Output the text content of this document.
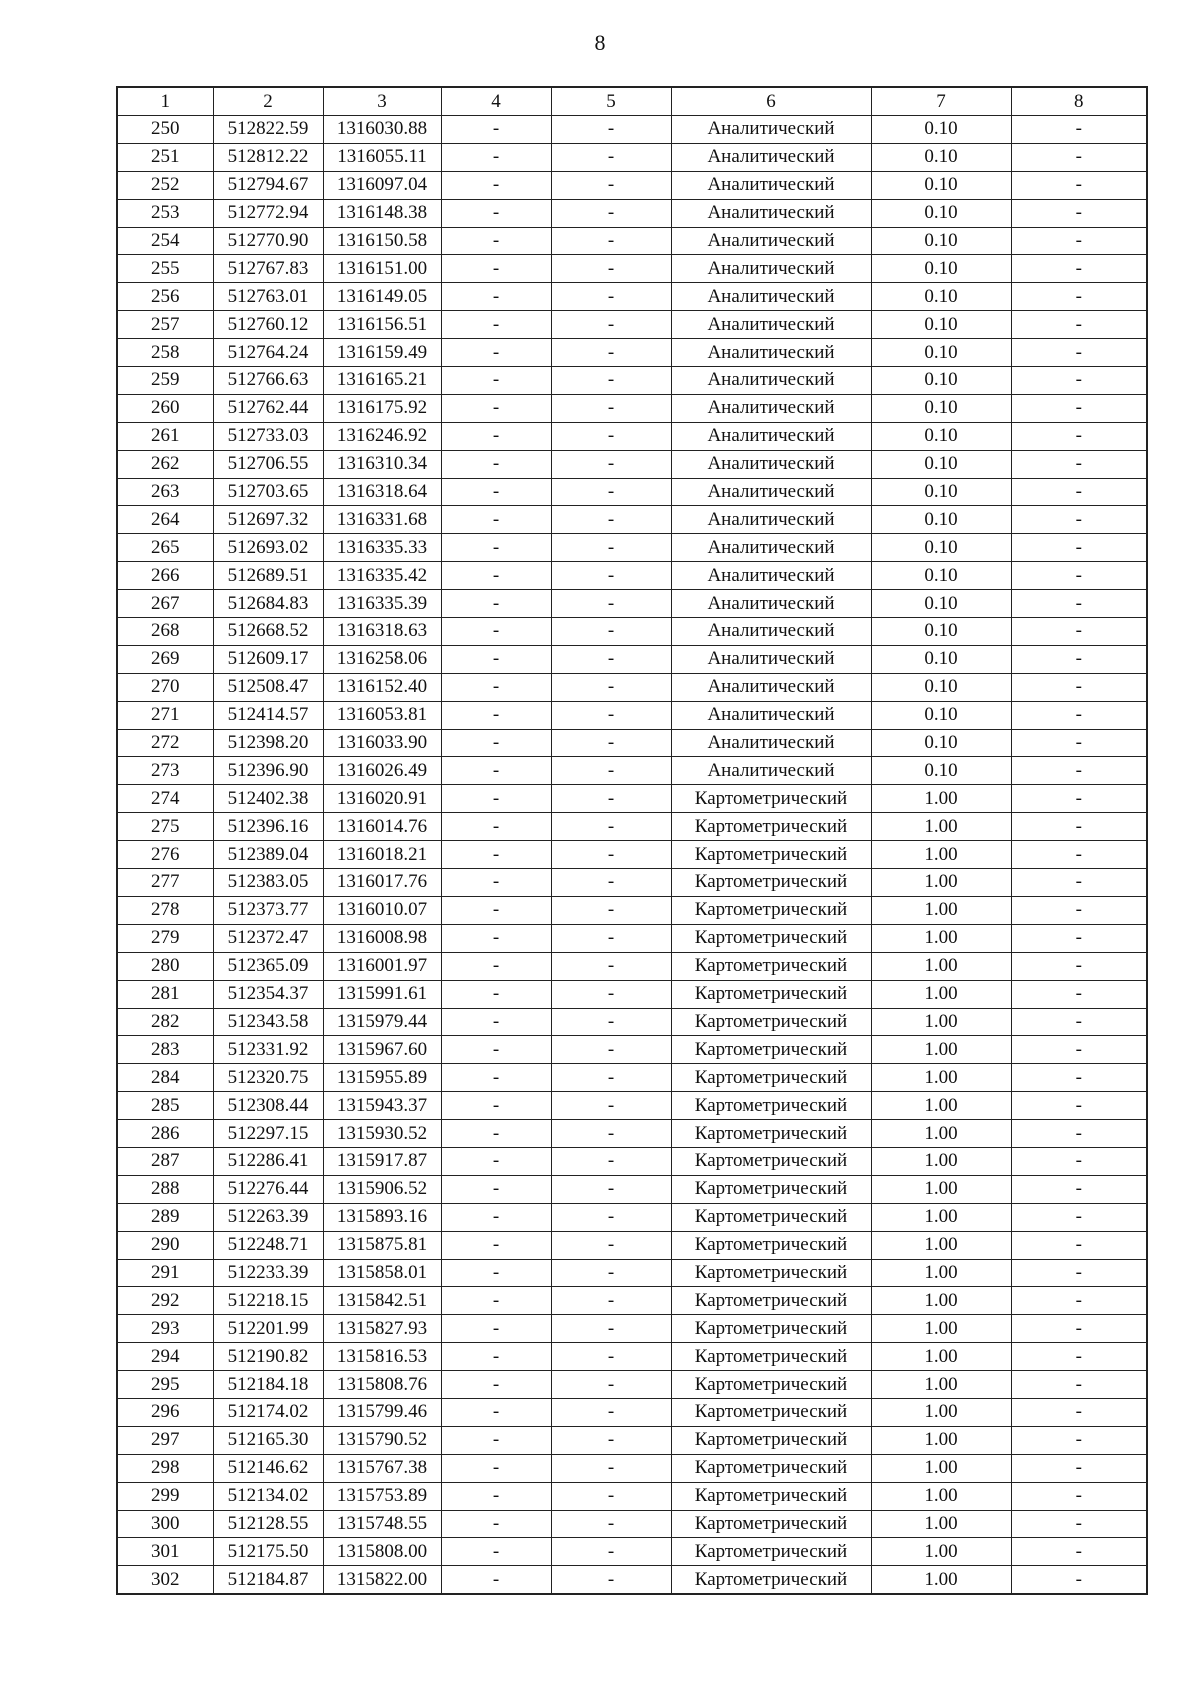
8
1	2	3	4	5	6	7	8
250	512822.59	1316030.88	-	-	Аналитический	0.10	-
251	512812.22	1316055.11	-	-	Аналитический	0.10	-
252	512794.67	1316097.04	-	-	Аналитический	0.10	-
253	512772.94	1316148.38	-	-	Аналитический	0.10	-
254	512770.90	1316150.58	-	-	Аналитический	0.10	-
255	512767.83	1316151.00	-	-	Аналитический	0.10	-
256	512763.01	1316149.05	-	-	Аналитический	0.10	-
257	512760.12	1316156.51	-	-	Аналитический	0.10	-
258	512764.24	1316159.49	-	-	Аналитический	0.10	-
259	512766.63	1316165.21	-	-	Аналитический	0.10	-
260	512762.44	1316175.92	-	-	Аналитический	0.10	-
261	512733.03	1316246.92	-	-	Аналитический	0.10	-
262	512706.55	1316310.34	-	-	Аналитический	0.10	-
263	512703.65	1316318.64	-	-	Аналитический	0.10	-
264	512697.32	1316331.68	-	-	Аналитический	0.10	-
265	512693.02	1316335.33	-	-	Аналитический	0.10	-
266	512689.51	1316335.42	-	-	Аналитический	0.10	-
267	512684.83	1316335.39	-	-	Аналитический	0.10	-
268	512668.52	1316318.63	-	-	Аналитический	0.10	-
269	512609.17	1316258.06	-	-	Аналитический	0.10	-
270	512508.47	1316152.40	-	-	Аналитический	0.10	-
271	512414.57	1316053.81	-	-	Аналитический	0.10	-
272	512398.20	1316033.90	-	-	Аналитический	0.10	-
273	512396.90	1316026.49	-	-	Аналитический	0.10	-
274	512402.38	1316020.91	-	-	Картометрический	1.00	-
275	512396.16	1316014.76	-	-	Картометрический	1.00	-
276	512389.04	1316018.21	-	-	Картометрический	1.00	-
277	512383.05	1316017.76	-	-	Картометрический	1.00	-
278	512373.77	1316010.07	-	-	Картометрический	1.00	-
279	512372.47	1316008.98	-	-	Картометрический	1.00	-
280	512365.09	1316001.97	-	-	Картометрический	1.00	-
281	512354.37	1315991.61	-	-	Картометрический	1.00	-
282	512343.58	1315979.44	-	-	Картометрический	1.00	-
283	512331.92	1315967.60	-	-	Картометрический	1.00	-
284	512320.75	1315955.89	-	-	Картометрический	1.00	-
285	512308.44	1315943.37	-	-	Картометрический	1.00	-
286	512297.15	1315930.52	-	-	Картометрический	1.00	-
287	512286.41	1315917.87	-	-	Картометрический	1.00	-
288	512276.44	1315906.52	-	-	Картометрический	1.00	-
289	512263.39	1315893.16	-	-	Картометрический	1.00	-
290	512248.71	1315875.81	-	-	Картометрический	1.00	-
291	512233.39	1315858.01	-	-	Картометрический	1.00	-
292	512218.15	1315842.51	-	-	Картометрический	1.00	-
293	512201.99	1315827.93	-	-	Картометрический	1.00	-
294	512190.82	1315816.53	-	-	Картометрический	1.00	-
295	512184.18	1315808.76	-	-	Картометрический	1.00	-
296	512174.02	1315799.46	-	-	Картометрический	1.00	-
297	512165.30	1315790.52	-	-	Картометрический	1.00	-
298	512146.62	1315767.38	-	-	Картометрический	1.00	-
299	512134.02	1315753.89	-	-	Картометрический	1.00	-
300	512128.55	1315748.55	-	-	Картометрический	1.00	-
301	512175.50	1315808.00	-	-	Картометрический	1.00	-
302	512184.87	1315822.00	-	-	Картометрический	1.00	-
